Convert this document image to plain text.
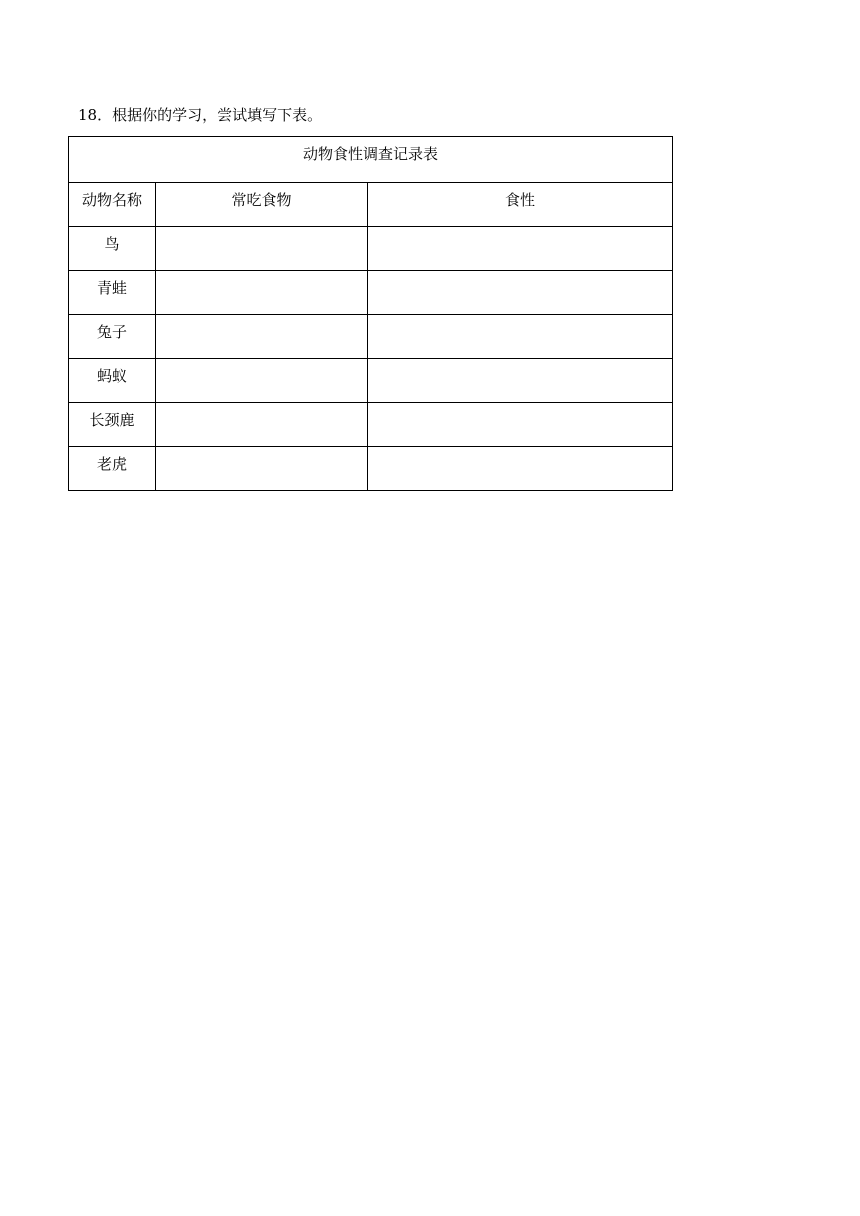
18．根据你的学习，尝试填写下表。
动物食性调查记录表		
动物名称	常吃食物	食性
鸟		
青蛙		
兔子		
蚂蚁		
长颈鹿		
老虎		
